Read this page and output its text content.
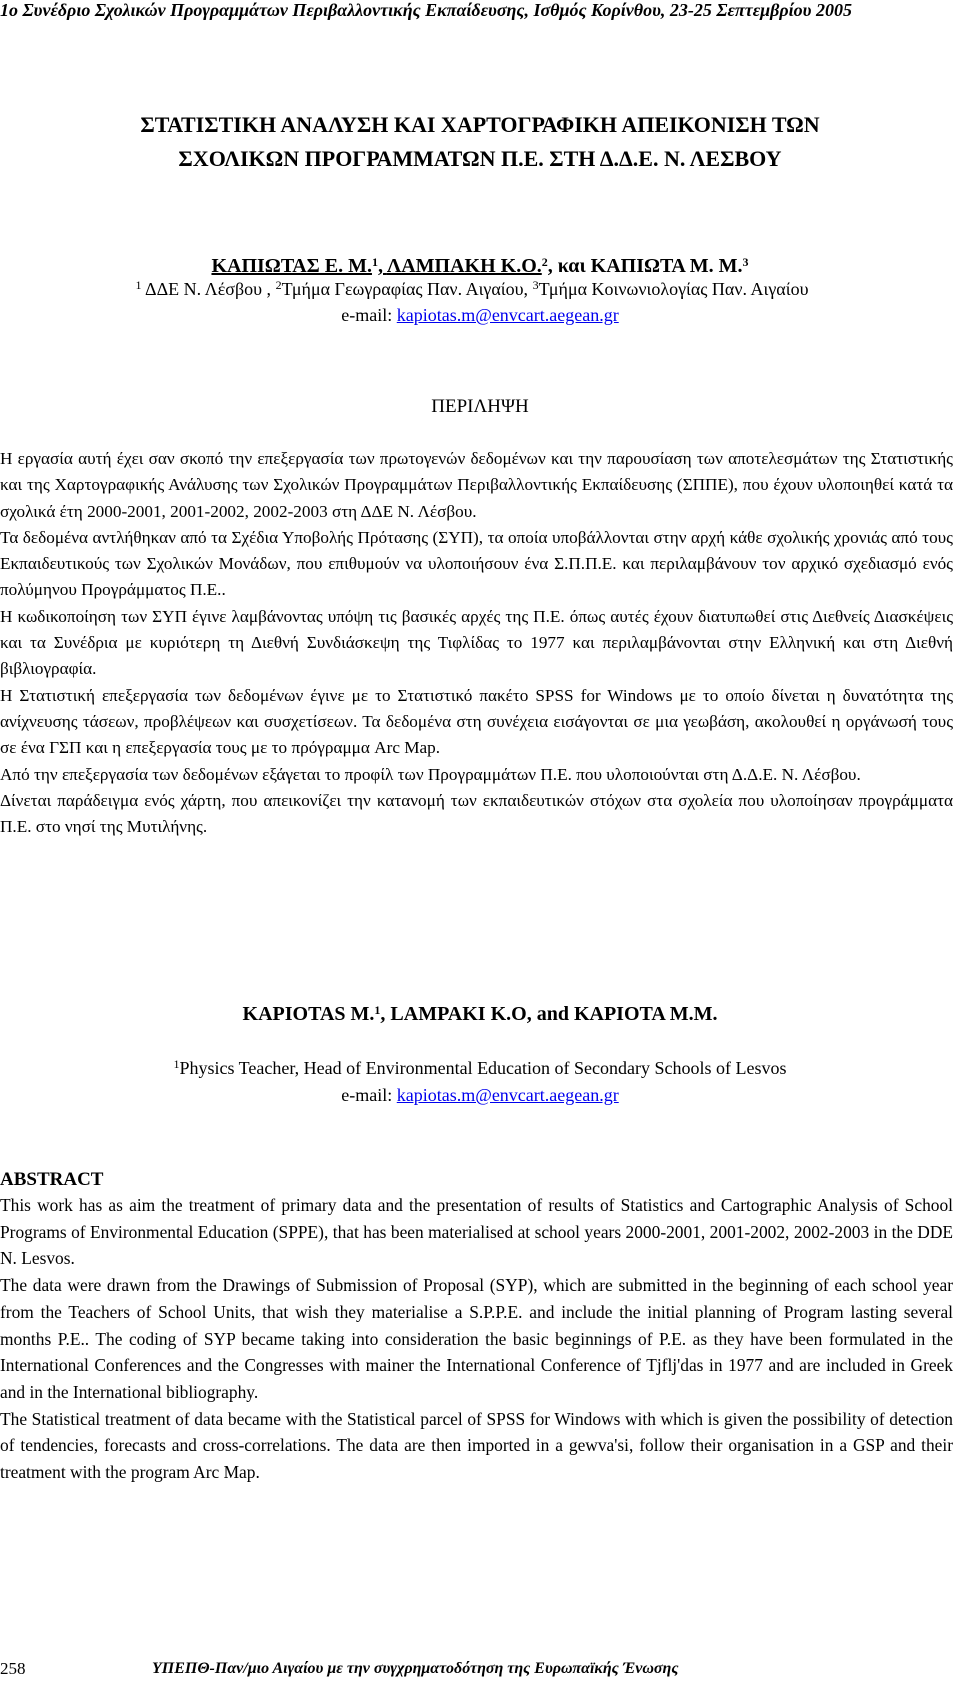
1ο Συνέδριο Σχολικών Προγραμμάτων Περιβαλλοντικής Εκπαίδευσης, Ισθμός Κορίνθου, 23-25 Σεπτεμβρίου 2005
ΣΤΑΤΙΣΤΙΚΗ ΑΝΑΛΥΣΗ ΚΑΙ ΧΑΡΤΟΓΡΑΦΙΚΗ ΑΠΕΙΚΟΝΙΣΗ ΤΩΝ
ΣΧΟΛΙΚΩΝ ΠΡΟΓΡΑΜΜΑΤΩΝ Π.Ε. ΣΤΗ Δ.Δ.Ε. Ν. ΛΕΣΒΟΥ
ΚΑΠΙΩΤΑΣ Ε. Μ.$^1$, ΛΑΜΠΑΚΗ Κ.Ο.$^2$, και ΚΑΠΙΩΤΑ Μ. Μ.$^3$
$^1$ ΔΔΕ Ν. Λέσβου , $^2$Τμήμα Γεωγραφίας Παν. Αιγαίου, $^3$Τμήμα Κοινωνιολογίας Παν. Αιγαίου
e-mail: kapiotas.m@envcart.aegean.gr
ΠΕΡΙΛΗΨΗ

Η εργασία αυτή έχει σαν σκοπό την επεξεργασία των πρωτογενών δεδομένων και την παρουσίαση των αποτελεσμάτων της Στατιστικής και της Χαρτογραφικής Ανάλυσης των Σχολικών Προγραμμάτων Περιβαλλοντικής Εκπαίδευσης (ΣΠΠΕ), που έχουν υλοποιηθεί κατά τα σχολικά έτη 2000-2001, 2001-2002, 2002-2003 στη ΔΔΕ Ν. Λέσβου.

Τα δεδομένα αντλήθηκαν από τα Σχέδια Υποβολής Πρότασης (ΣΥΠ), τα οποία υποβάλλονται στην αρχή κάθε σχολικής χρονιάς από τους Εκπαιδευτικούς των Σχολικών Μονάδων, που επιθυμούν να υλοποιήσουν ένα Σ.Π.Π.Ε. και περιλαμβάνουν τον αρχικό σχεδιασμό ενός πολύμηνου Προγράμματος Π.Ε..

Η κωδικοποίηση των ΣΥΠ έγινε λαμβάνοντας υπόψη τις βασικές αρχές της Π.Ε. όπως αυτές έχουν διατυπωθεί στις Διεθνείς Διασκέψεις και τα Συνέδρια με κυριότερη τη Διεθνή Συνδιάσκεψη της Τιφλίδας το 1977 και περιλαμβάνονται στην Ελληνική και στη Διεθνή βιβλιογραφία.

Η Στατιστική επεξεργασία των δεδομένων έγινε με το Στατιστικό πακέτο SPSS for Windows με το οποίο δίνεται η δυνατότητα της ανίχνευσης τάσεων, προβλέψεων και συσχετίσεων. Τα δεδομένα στη συνέχεια εισάγονται σε μια γεωβάση, ακολουθεί η οργάνωσή τους σε ένα ΓΣΠ και η επεξεργασία τους με το πρόγραμμα Arc Map.

Από την επεξεργασία των δεδομένων εξάγεται το προφίλ των Προγραμμάτων Π.Ε. που υλοποιούνται στη Δ.Δ.Ε. Ν. Λέσβου.

Δίνεται παράδειγμα ενός χάρτη, που απεικονίζει την κατανομή των εκπαιδευτικών στόχων στα σχολεία που υλοποίησαν προγράμματα Π.Ε. στο νησί της Μυτιλήνης.

KAPIOTAS M.$^1$, LAMPAKI K.O, and KAPIOTA M.M.
$^1$Physics Teacher, Head of Environmental Education of Secondary Schools of Lesvos
e-mail: kapiotas.m@envcart.aegean.gr
ABSTRACT

This work has as aim the treatment of primary data and the presentation of results of Statistics and Cartographic Analysis of School Programs of Environmental Education (SPPE), that has been materialised at school years 2000-2001, 2001-2002, 2002-2003 in the DDE N. Lesvos.

The data were drawn from the Drawings of Submission of Proposal (SYP), which are submitted in the beginning of each school year from the Teachers of School Units, that wish they materialise a S.P.P.E. and include the initial planning of Program lasting several months P.E.. The coding of SYP became taking into consideration the basic beginnings of P.E. as they have been formulated in the International Conferences and the Congresses with mainer the International Conference of Tjflj'das in 1977 and are included in Greek and in the International bibliography.

The Statistical treatment of data became with the Statistical parcel of SPSS for Windows with which is given the possibility of detection of tendencies, forecasts and cross-correlations. The data are then imported in a gewva'si, follow their organisation in a GSP and their treatment with the program Arc Map.

258	ΥΠΕΠΘ-Παν/μιο Αιγαίου με την συγχρηματοδότηση της Ευρωπαϊκής Ένωσης
